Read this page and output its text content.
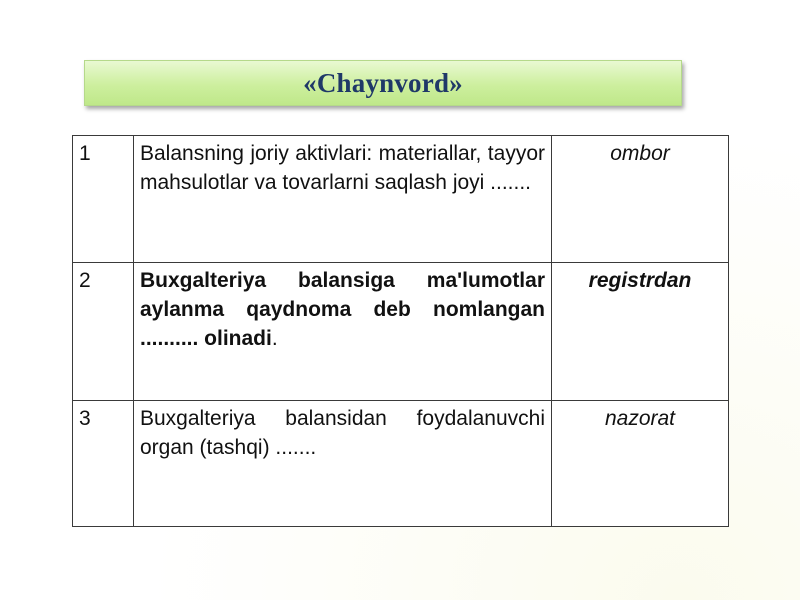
«Chaynvord»
1	Balansning joriy aktivlari: materiallar, tayyor mahsulotlar va tovarlarni saqlash joyi .......	ombor
2	Buxgalteriya balansiga ma'lumotlar aylanma qaydnoma deb nomlangan .......... olinadi.	registrdan
3	Buxgalteriya balansidan foydalanuvchi organ (tashqi) .......	nazorat
